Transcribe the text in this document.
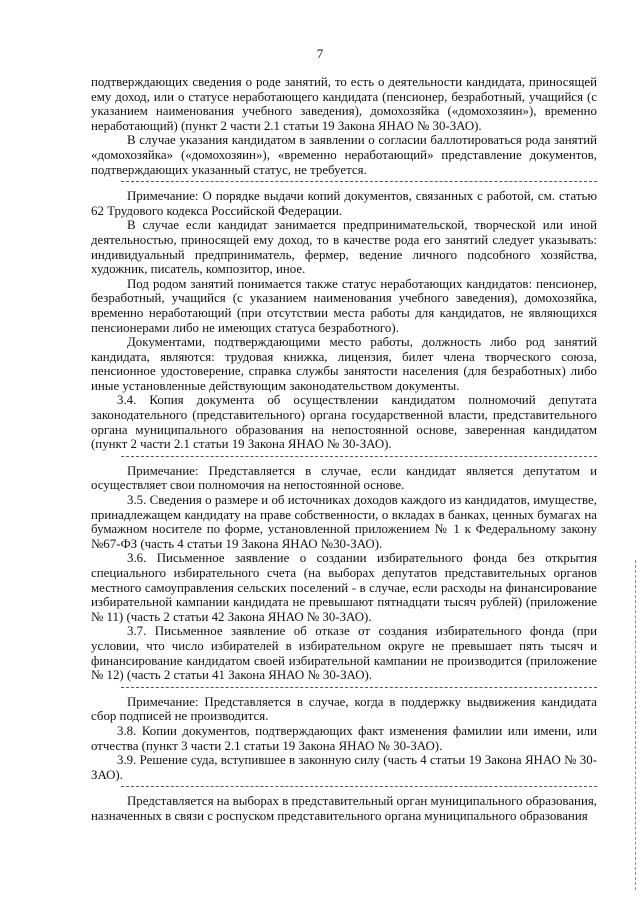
7

подтверждающих сведения о роде занятий, то есть о деятельности кандидата, приносящей ему доход, или о статусе неработающего кандидата (пенсионер, безработный, учащийся (с указанием наименования учебного заведения), домохозяйка («домохозяин»), временно неработающий) (пункт 2 части 2.1 статьи 19 Закона ЯНАО № 30-ЗАО).

В случае указания кандидатом в заявлении о согласии баллотироваться рода занятий «домохозяйка» («домохозяин»), «временно неработающий» представление документов, подтверждающих указанный статус, не требуется.

Примечание: О порядке выдачи копий документов, связанных с работой, см. статью 62 Трудового кодекса Российской Федерации.

В случае если кандидат занимается предпринимательской, творческой или иной деятельностью, приносящей ему доход, то в качестве рода его занятий следует указывать: индивидуальный предприниматель, фермер, ведение личного подсобного хозяйства, художник, писатель, композитор, иное.

Под родом занятий понимается также статус неработающих кандидатов: пенсионер, безработный, учащийся (с указанием наименования учебного заведения), домохозяйка, временно неработающий (при отсутствии места работы для кандидатов, не являющихся пенсионерами либо не имеющих статуса безработного).

Документами, подтверждающими место работы, должность либо род занятий кандидата, являются: трудовая книжка, лицензия, билет члена творческого союза, пенсионное удостоверение, справка службы занятости населения (для безработных) либо иные установленные действующим законодательством документы.

3.4. Копия документа об осуществлении кандидатом полномочий депутата законодательного (представительного) органа государственной власти, представительного органа муниципального образования на непостоянной основе, заверенная кандидатом (пункт 2 части 2.1 статьи 19 Закона ЯНАО № 30-ЗАО).

Примечание: Представляется в случае, если кандидат является депутатом и осуществляет свои полномочия на непостоянной основе.

3.5. Сведения о размере и об источниках доходов каждого из кандидатов, имуществе, принадлежащем кандидату на праве собственности, о вкладах в банках, ценных бумагах на бумажном носителе по форме, установленной приложением № 1 к Федеральному закону №67-ФЗ (часть 4 статьи 19 Закона ЯНАО №30-ЗАО).

3.6. Письменное заявление о создании избирательного фонда без открытия специального избирательного счета (на выборах депутатов представительных органов местного самоуправления сельских поселений - в случае, если расходы на финансирование избирательной кампании кандидата не превышают пятнадцати тысяч рублей) (приложение № 11) (часть 2 статьи 42 Закона ЯНАО № 30-ЗАО).

3.7. Письменное заявление об отказе от создания избирательного фонда (при условии, что число избирателей в избирательном округе не превышает пять тысяч и финансирование кандидатом своей избирательной кампании не производится (приложение № 12) (часть 2 статьи 41 Закона ЯНАО № 30-ЗАО).

Примечание: Представляется в случае, когда в поддержку выдвижения кандидата сбор подписей не производится.

3.8. Копии документов, подтверждающих факт изменения фамилии или имени, или отчества (пункт 3 части 2.1 статьи 19 Закона ЯНАО № 30-ЗАО).

3.9. Решение суда, вступившее в законную силу (часть 4 статьи 19 Закона ЯНАО № 30-ЗАО).

Представляется на выборах в представительный орган муниципального образования, назначенных в связи с роспуском представительного органа муниципального образования
